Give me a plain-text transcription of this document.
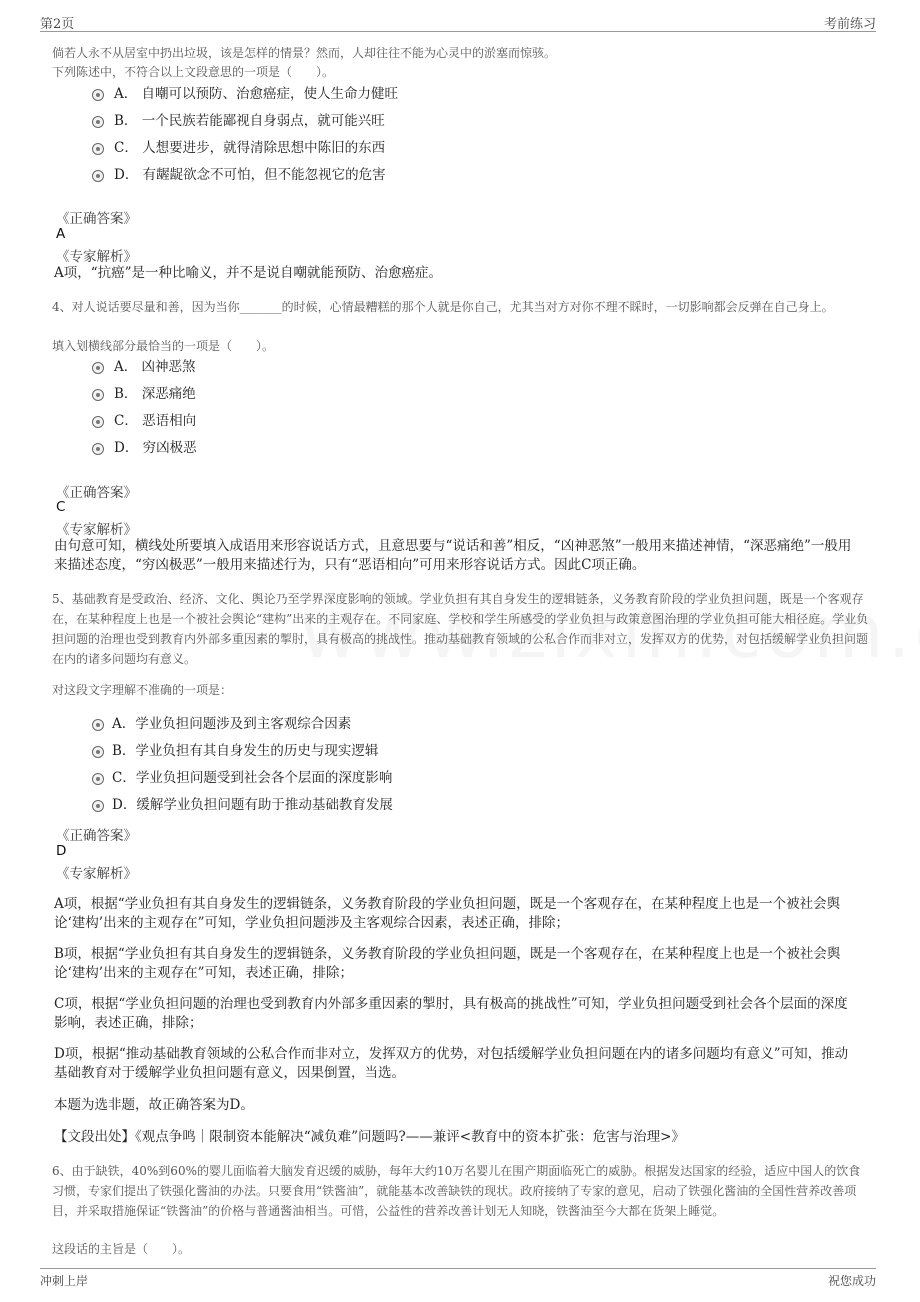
第2页	考前练习
倘若人永不从居室中扔出垃圾，该是怎样的情景？然而，人却往往不能为心灵中的淤塞而惊骇。
下列陈述中，不符合以上文段意思的一项是（　　）。
A． 自嘲可以预防、治愈癌症，使人生命力健旺
B． 一个民族若能鄙视自身弱点，就可能兴旺
C． 人想要进步，就得清除思想中陈旧的东西
D． 有龌龊欲念不可怕，但不能忽视它的危害
《正确答案》
A
《专家解析》
A项，“抗癌”是一种比喻义，并不是说自嘲就能预防、治愈癌症。
4、对人说话要尽量和善，因为当你_______的时候，心情最糟糕的那个人就是你自己，尤其当对方对你不理不睬时，一切影响都会反弹在自己身上。
填入划横线部分最恰当的一项是（　　）。
A． 凶神恶煞
B． 深恶痛绝
C． 恶语相向
D． 穷凶极恶
《正确答案》
C
《专家解析》
由句意可知，横线处所要填入成语用来形容说话方式，且意思要与“说话和善”相反，“凶神恶煞”一般用来描述神情，“深恶痛绝”一般用来描述态度，“穷凶极恶”一般用来描述行为，只有“恶语相向”可用来形容说话方式。因此C项正确。
5、基础教育是受政治、经济、文化、舆论乃至学界深度影响的领域。学业负担有其自身发生的逻辑链条，义务教育阶段的学业负担问题，既是一个客观存在，在某种程度上也是一个被社会舆论“建构”出来的主观存在。不同家庭、学校和学生所感受的学业负担与政策意图治理的学业负担可能大相径庭。学业负担问题的治理也受到教育内外部多重因素的掣肘，具有极高的挑战性。推动基础教育领域的公私合作而非对立，发挥双方的优势，对包括缓解学业负担问题在内的诸多问题均有意义。
对这段文字理解不准确的一项是：
A．学业负担问题涉及到主客观综合因素
B．学业负担有其自身发生的历史与现实逻辑
C．学业负担问题受到社会各个层面的深度影响
D．缓解学业负担问题有助于推动基础教育发展
《正确答案》
D
《专家解析》
A项，根据“学业负担有其自身发生的逻辑链条，义务教育阶段的学业负担问题，既是一个客观存在，在某种程度上也是一个被社会舆论‘建构’出来的主观存在”可知，学业负担问题涉及主客观综合因素，表述正确，排除；
B项，根据“学业负担有其自身发生的逻辑链条，义务教育阶段的学业负担问题，既是一个客观存在，在某种程度上也是一个被社会舆论‘建构’出来的主观存在”可知，表述正确，排除；
C项，根据“学业负担问题的治理也受到教育内外部多重因素的掣肘，具有极高的挑战性”可知，学业负担问题受到社会各个层面的深度影响，表述正确，排除；
D项，根据“推动基础教育领域的公私合作而非对立，发挥双方的优势，对包括缓解学业负担问题在内的诸多问题均有意义”可知，推动基础教育对于缓解学业负担问题有意义，因果倒置，当选。
本题为选非题，故正确答案为D。
【文段出处】《观点争鸣｜限制资本能解决“减负难”问题吗?——兼评<教育中的资本扩张：危害与治理>》
6、由于缺铁，40%到60%的婴儿面临着大脑发育迟缓的威胁，每年大约10万名婴儿在围产期面临死亡的威胁。根据发达国家的经验，适应中国人的饮食习惯，专家们提出了铁强化酱油的办法。只要食用“铁酱油”，就能基本改善缺铁的现状。政府接纳了专家的意见，启动了铁强化酱油的全国性营养改善项目，并采取措施保证“铁酱油”的价格与普通酱油相当。可惜，公益性的营养改善计划无人知晓，铁酱油至今大都在货架上睡觉。
这段话的主旨是（　　）。
冲刺上岸	祝您成功
